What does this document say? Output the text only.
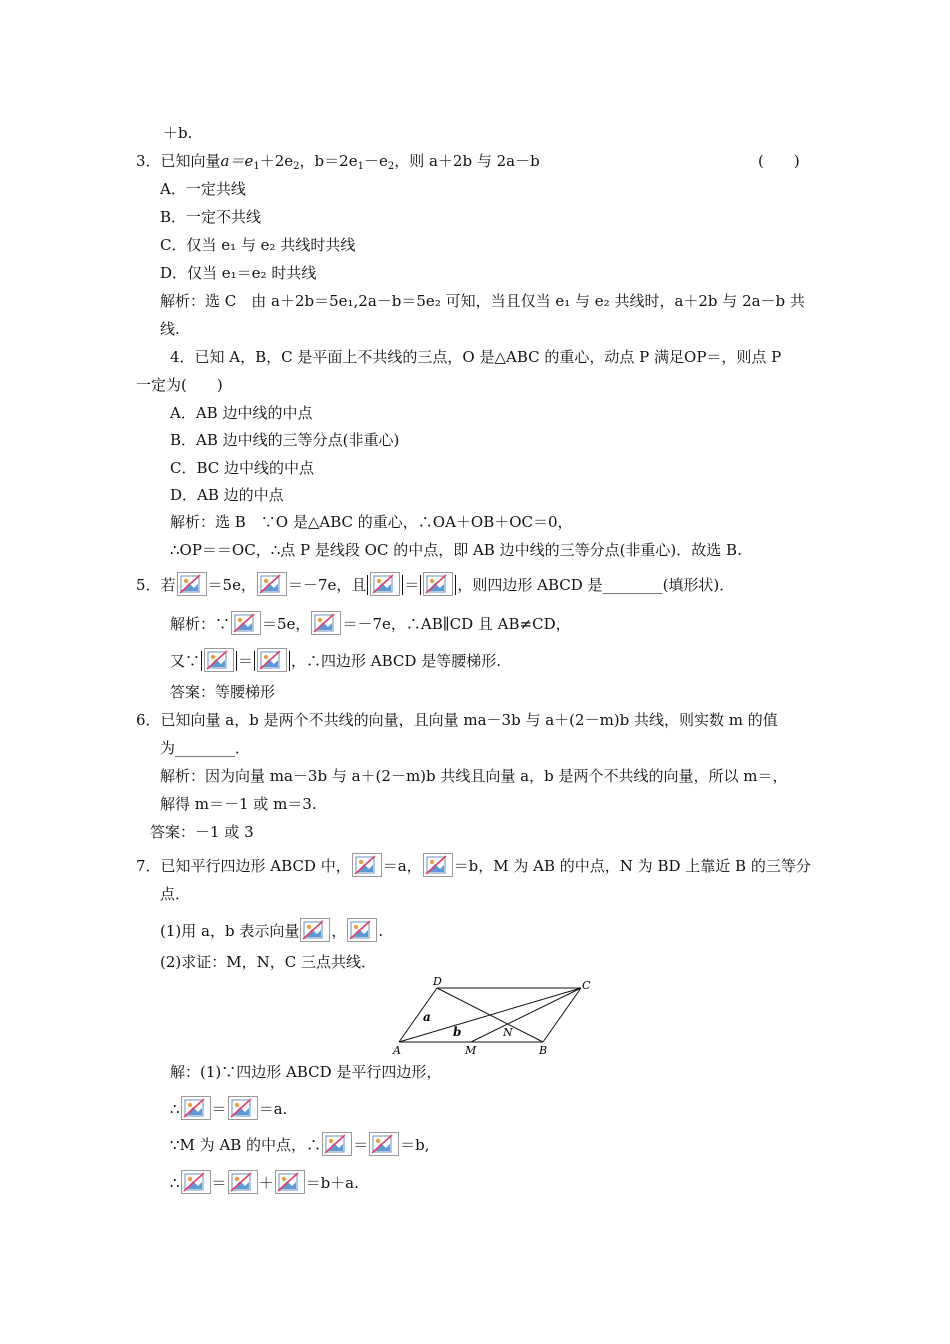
＋b.
3．已知向量$a=e_1+2e_2$，$b=2e_1-e_2$，则 a＋2b 与 2a－b	(　　)
A．一定共线
B．一定不共线
C．仅当 e₁ 与 e₂ 共线时共线
D．仅当 e₁＝e₂ 时共线
解析：选 C　由 a＋2b＝5e₁,2a－b＝5e₂ 可知，当且仅当 e₁ 与 e₂ 共线时，a＋2b 与 2a－b 共
线.
4．已知 A，B，C 是平面上不共线的三点，O 是△ABC 的重心，动点 P 满足OP＝，则点 P
一定为(　　)
A．AB 边中线的中点
B．AB 边中线的三等分点(非重心)
C．BC 边中线的中点
D．AB 边的中点
解析：选 B　∵O 是△ABC 的重心，∴OA＋OB＋OC＝0，
∴OP＝＝OC，∴点 P 是线段 OC 的中点，即 AB 边中线的三等分点(非重心)．故选 B.
5．若 ＝5e， ＝－7e，且	＝	，则四边形 ABCD 是________(填形状)．
解析：∵ ＝5e， ＝－7e，∴AB∥CD 且 AB≠CD，
又∵	＝	，∴四边形 ABCD 是等腰梯形.
答案：等腰梯形
6．已知向量 a，b 是两个不共线的向量，且向量 ma－3b 与 a＋(2－m)b 共线，则实数 m 的值
为________．
解析：因为向量 ma－3b 与 a＋(2－m)b 共线且向量 a，b 是两个不共线的向量，所以 m＝，
解得 m＝－1 或 m＝3.
答案：－1 或 3
7．已知平行四边形 ABCD 中， ＝a， ＝b，M 为 AB 的中点，N 为 BD 上靠近 B 的三等分
点．
(1)用 a，b 表示向量 ， .
(2)求证：M，N，C 三点共线．
D	C
A	M	B
N
a
b
解：(1)∵四边形 ABCD 是平行四边形，
∴ ＝ ＝a.
∵M 为 AB 的中点，∴ ＝ ＝b,
∴ ＝ ＋ ＝b＋a.
